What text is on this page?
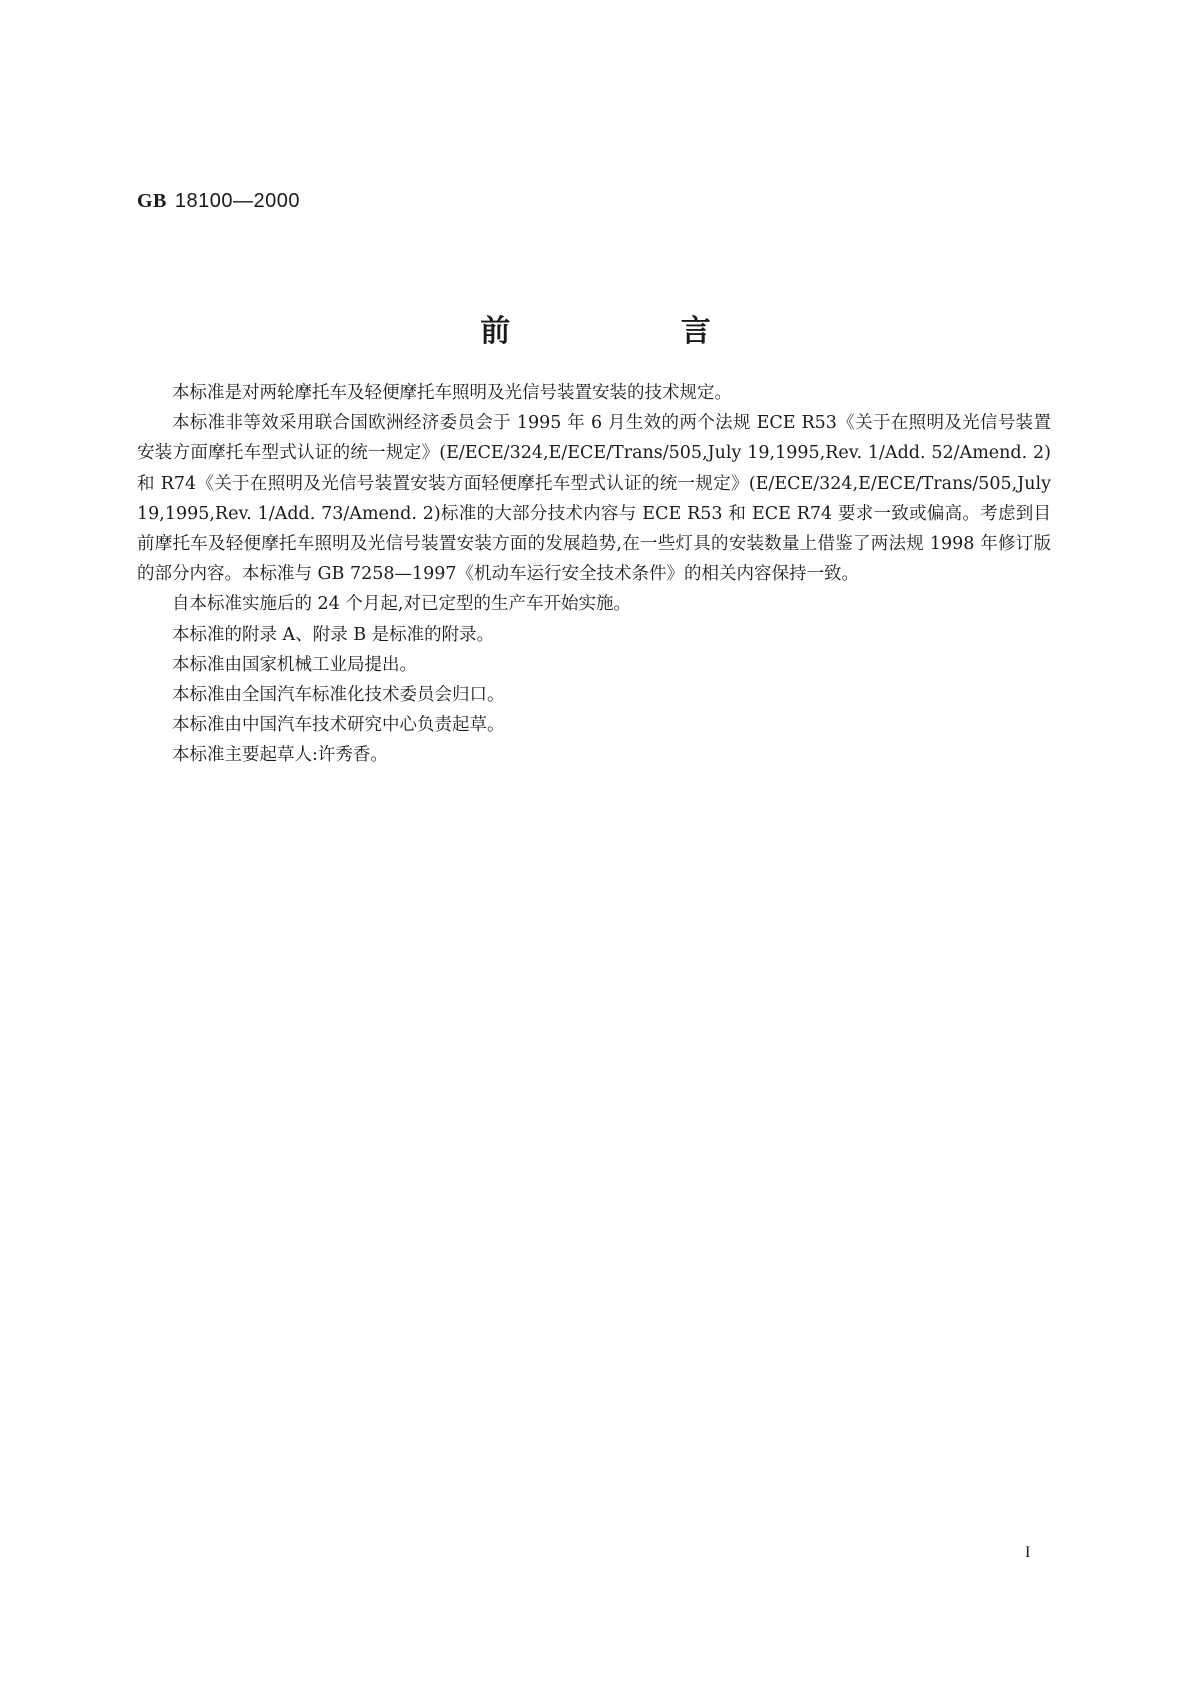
GB 18100—2000
前 言

本标准是对两轮摩托车及轻便摩托车照明及光信号装置安装的技术规定。

本标准非等效采用联合国欧洲经济委员会于 1995 年 6 月生效的两个法规 ECE R53《关于在照明及光信号装置安装方面摩托车型式认证的统一规定》(E/ECE/324,E/ECE/Trans/505,July 19,1995,Rev. 1/Add. 52/Amend. 2)和 R74《关于在照明及光信号装置安装方面轻便摩托车型式认证的统一规定》(E/ECE/324,E/ECE/Trans/505,July 19,1995,Rev. 1/Add. 73/Amend. 2)标准的大部分技术内容与 ECE R53 和 ECE R74 要求一致或偏高。考虑到目前摩托车及轻便摩托车照明及光信号装置安装方面的发展趋势,在一些灯具的安装数量上借鉴了两法规 1998 年修订版的部分内容。本标准与 GB 7258—1997《机动车运行安全技术条件》的相关内容保持一致。

自本标准实施后的 24 个月起,对已定型的生产车开始实施。

本标准的附录 A、附录 B 是标准的附录。

本标准由国家机械工业局提出。

本标准由全国汽车标准化技术委员会归口。

本标准由中国汽车技术研究中心负责起草。

本标准主要起草人:许秀香。

I
